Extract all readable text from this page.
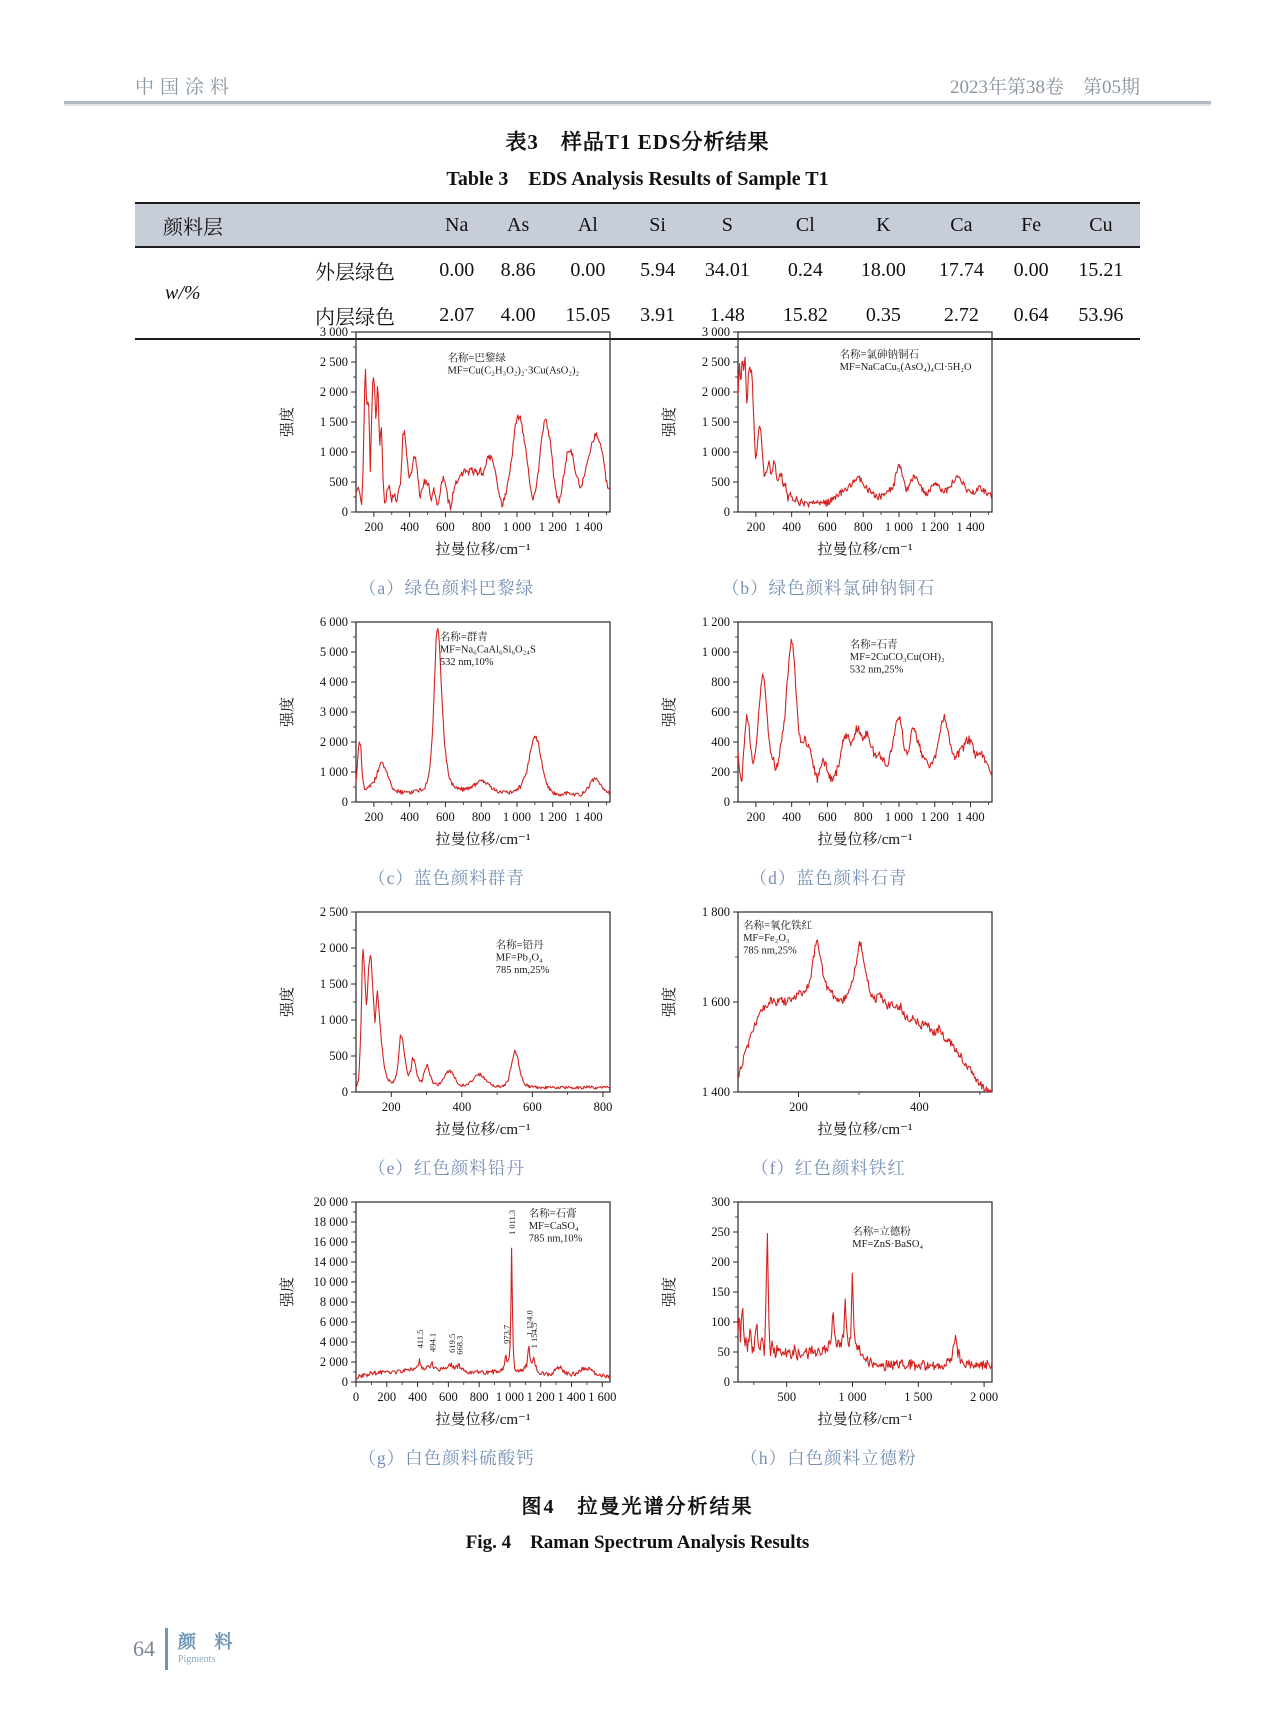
中国涂料	2023年第38卷　第05期
表3　样品T1 EDS分析结果
Table 3　EDS Analysis Results of Sample T1
颜料层		Na	As	Al	Si	S	Cl	K	Ca	Fe	Cu
w/%	外层绿色	0.00	8.86	0.00	5.94	34.01	0.24	18.00	17.74	0.00	15.21
	内层绿色	2.07	4.00	15.05	3.91	1.48	15.82	0.35	2.72	0.64	53.96
200 400 600 800 1 000 1 200 1 400
0
500
1 000
1 500
2 000
2 500
3 000
名称=巴黎绿
MF=Cu(C₂H₃O₂)₂·3Cu(AsO₂)₂
拉曼位移/cm⁻¹
强度
（a）绿色颜料巴黎绿
200 400 600 800 1 000 1 200 1 400
0
500
1 000
1 500
2 000
2 500
3 000
名称=氯砷钠铜石
MF=NaCaCu₅(AsO₄)₄Cl·5H₂O
拉曼位移/cm⁻¹
强度
（b）绿色颜料氯砷钠铜石
200 400 600 800 1 000 1 200 1 400
0
1 000
2 000
3 000
4 000
5 000
6 000
名称=群青
MF=Na₆CaAl₆Si₆O₂₄S
532 nm,10%
拉曼位移/cm⁻¹
强度
（c）蓝色颜料群青
200 400 600 800 1 000 1 200 1 400
0
200
400
600
800
1 000
1 200
名称=石青
MF=2CuCO₃Cu(OH)₂
532 nm,25%
拉曼位移/cm⁻¹
强度
（d）蓝色颜料石青
200	400	600	800
0
500
1 000
1 500
2 000
2 500
名称=铅丹
MF=Pb₃O₄
785 nm,25%
拉曼位移/cm⁻¹
强度
（e）红色颜料铅丹
200	400
1 400
1 600
1 800
名称=氧化铁红
MF=Fe₂O₃
785 nm,25%
拉曼位移/cm⁻¹
强度
（f）红色颜料铁红
0 200 400 600 800 1 000 1 200 1 400 1 600
0
2 000
4 000
6 000
8 000
10 000
14 000
16 000
18 000
20 000
名称=石膏
MF=CaSO₄
785 nm,10%
411.5 494.1 619.5
668.3
973.7
1 011.3
1 124.0
1 154.5
拉曼位移/cm⁻¹
强度
（g）白色颜料硫酸钙
500	1 000	1 500	2 000
0
50
100
150
200
250
300
名称=立德粉
MF=ZnS·BaSO₄
拉曼位移/cm⁻¹
强度
（h）白色颜料立德粉
图4　拉曼光谱分析结果
Fig. 4　Raman Spectrum Analysis Results
64 颜 料
Pigments
